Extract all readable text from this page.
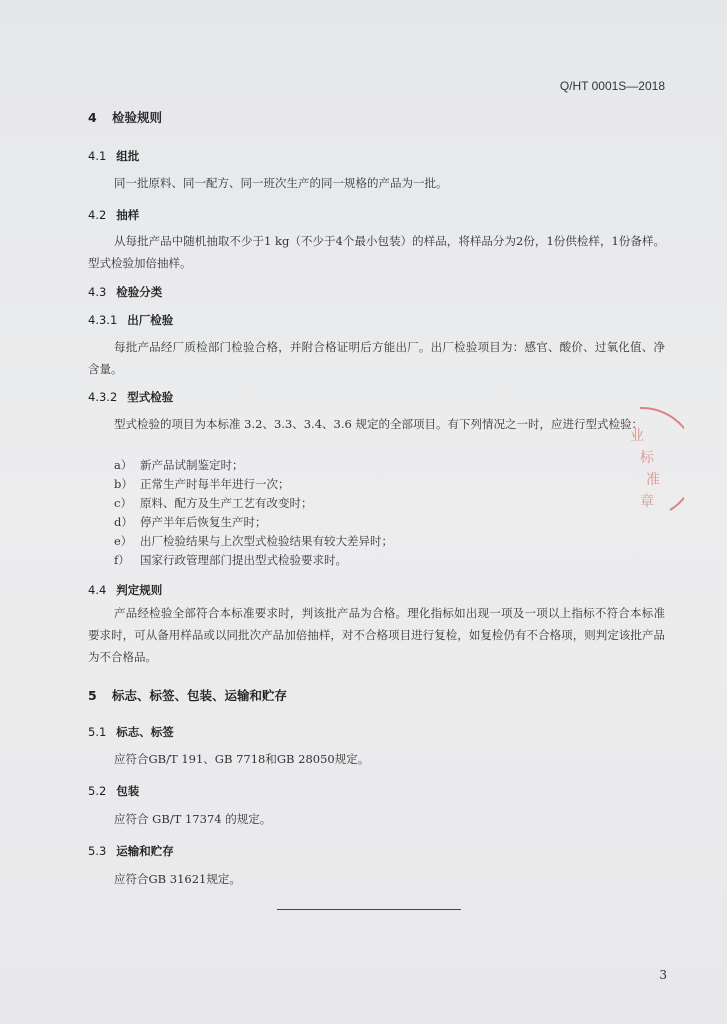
Q/HT 0001S—2018
4 检验规则
4.1 组批
同一批原料、同一配方、同一班次生产的同一规格的产品为一批。
4.2 抽样
从每批产品中随机抽取不少于1 kg（不少于4个最小包装）的样品，将样品分为2份，1份供检样，1份备样。型式检验加倍抽样。
4.3 检验分类
4.3.1 出厂检验
每批产品经厂质检部门检验合格，并附合格证明后方能出厂。出厂检验项目为：感官、酸价、过氧化值、净含量。
4.3.2 型式检验
型式检验的项目为本标准 3.2、3.3、3.4、3.6 规定的全部项目。有下列情况之一时，应进行型式检验：
a） 新产品试制鉴定时；
b） 正常生产时每半年进行一次；
c） 原料、配方及生产工艺有改变时；
d） 停产半年后恢复生产时；
e） 出厂检验结果与上次型式检验结果有较大差异时；
f） 国家行政管理部门提出型式检验要求时。
4.4 判定规则
产品经检验全部符合本标准要求时，判该批产品为合格。理化指标如出现一项及一项以上指标不符合本标准要求时，可从备用样品或以同批次产品加倍抽样，对不合格项目进行复检，如复检仍有不合格项，则判定该批产品为不合格品。
5 标志、标签、包装、运输和贮存
5.1 标志、标签
应符合GB/T 191、GB 7718和GB 28050规定。
5.2 包装
应符合 GB/T 17374 的规定。
5.3 运输和贮存
应符合GB 31621规定。
3
业
标
准
章
